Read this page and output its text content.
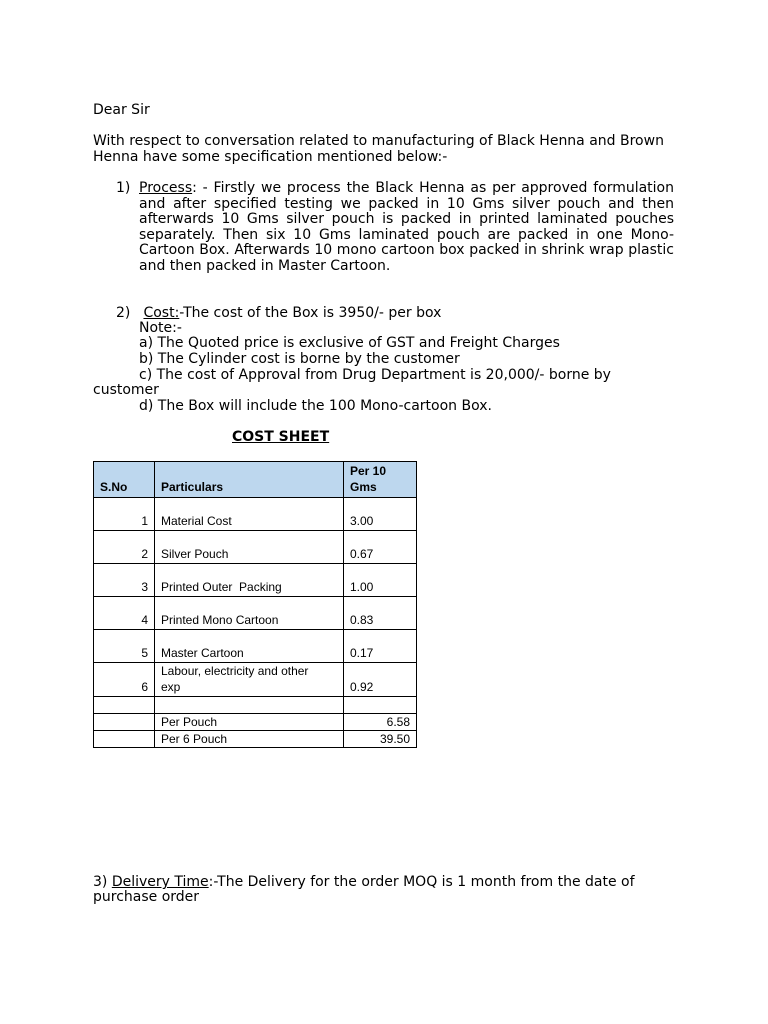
Dear Sir
With respect to conversation related to manufacturing of Black Henna and Brown
Henna have some specification mentioned below:-
1) Process: - Firstly we process the Black Henna as per approved formulation and after specified testing we packed in 10 Gms silver pouch and then afterwards 10 Gms silver pouch is packed in printed laminated pouches separately. Then six 10 Gms laminated pouch are packed in one Mono-Cartoon Box. Afterwards 10 mono cartoon box packed in shrink wrap plastic and then packed in Master Cartoon.
2) Cost:-The cost of the Box is 3950/- per box
Note:-
a) The Quoted price is exclusive of GST and Freight Charges
b) The Cylinder cost is borne by the customer
c) The cost of Approval from Drug Department is 20,000/- borne by
customer
d) The Box will include the 100 Mono-cartoon Box.
COST SHEET
S.No	Particulars	Per 10
Gms
1	Material Cost	3.00
2	Silver Pouch	0.67
3	Printed Outer  Packing	1.00
4	Printed Mono Cartoon	0.83
5	Master Cartoon	0.17
6	Labour, electricity and other
exp	0.92

	Per Pouch	6.58
	Per 6 Pouch	39.50
3) Delivery Time:-The Delivery for the order MOQ is 1 month from the date of
purchase order
